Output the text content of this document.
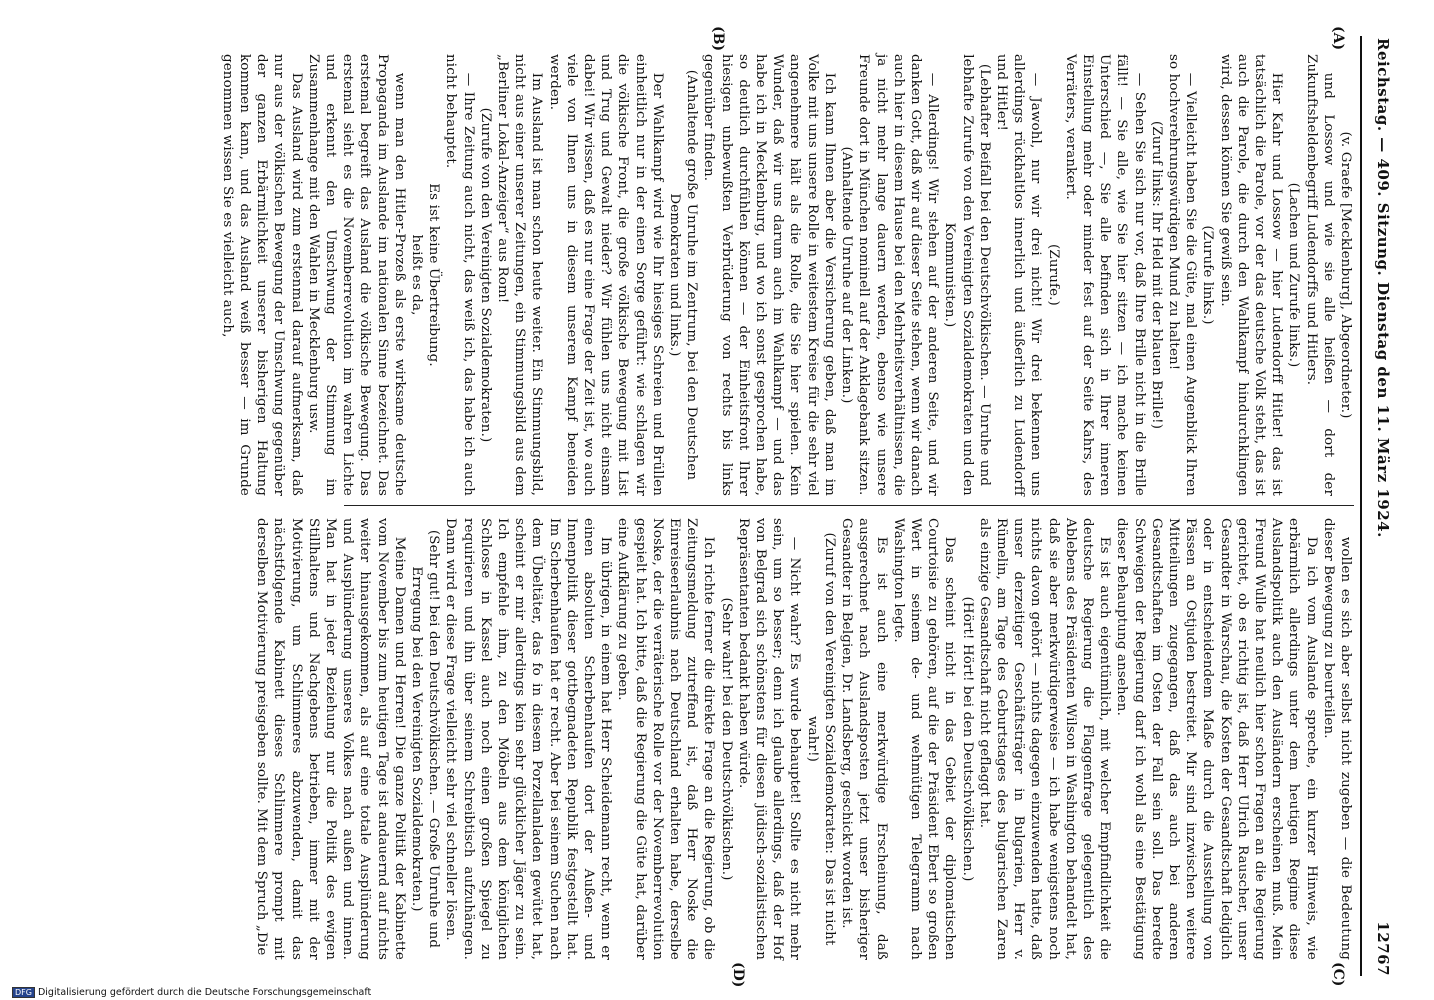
Reichstag. — 409. Sitzung. Dienstag den 11. März 1924.
12767
(A)
(B)
(C)
(D)

(v. Graefe [Mecklenburg], Abgeordneter.)

und Lossow und wie sie alle heißen — dort der Zukunftsheldenbegriff Ludendorffs und Hitlers.

(Lachen und Zurufe links.)

Hier Kahr und Lossow — hier Ludendorff Hitler! das ist tatsächlich die Parole, vor der das deutsche Volk steht, das ist auch die Parole, die durch den Wahlkampf hindurchklingen wird, dessen können Sie gewiß sein.

(Zurufe links.)

— Vielleicht haben Sie die Güte, mal einen Augenblick Ihren so hochverehrungswürdigen Mund zu halten!

(Zuruf links: Ihr Held mit der blauen Brille!)

— Sehen Sie sich nur vor, daß Ihre Brille nicht in die Brille fällt! — Sie alle, wie Sie hier sitzen — ich mache keinen Unterschied —, Sie alle befinden sich in Ihrer inneren Einstellung mehr oder minder fest auf der Seite Kahrs, des Verräters, verankert.

(Zurufe.)

— Jawohl, nur wir drei nicht! Wir drei bekennen uns allerdings rückhaltlos innerlich und äußerlich zu Ludendorff und Hitler!

(Lebhafter Beifall bei den Deutschvölkischen. — Unruhe und lebhafte Zurufe von den Vereinigten Sozialdemokraten und den Kommunisten.)

— Allerdings! Wir stehen auf der anderen Seite, und wir danken Gott, daß wir auf dieser Seite stehen, wenn wir danach auch hier in diesem Hause bei den Mehrheitsverhältnissen, die ja nicht mehr lange dauern werden, ebenso wie unsere Freunde dort in München nominell auf der Anklagebank sitzen.

(Anhaltende Unruhe auf der Linken.)

Ich kann Ihnen aber die Versicherung geben, daß man im Volke mit uns unsere Rolle in weitestem Kreise für die sehr viel angenehmere hält als die Rolle, die Sie hier spielen. Kein Wunder, daß wir uns darum auch im Wahlkampf — und das habe ich in Mecklenburg, und wo ich sonst gesprochen habe, so deutlich durchfühlen können — der Einheitsfront Ihrer hiesigen unbewußten Verbrüderung von rechts bis links gegenüber finden.

(Anhaltende große Unruhe im Zentrum, bei den Deutschen Demokraten und links.)

Der Wahlkampf wird wie Ihr hiesiges Schreien und Brüllen einheitlich nur in der einen Sorge geführt: wie schlagen wir die völkische Front, die große völkische Bewegung mit List und Trug und Gewalt nieder? Wir fühlen uns nicht einsam dabei! Wir wissen, daß es nur eine Frage der Zeit ist, wo auch viele von Ihnen uns in diesem unserem Kampf beneiden werden.

Im Ausland ist man schon heute weiter. Ein Stimmungsbild, nicht aus einer unserer Zeitungen, ein Stimmungsbild aus dem „Berliner Lokal-Anzeiger“ aus Rom!

(Zurufe von den Vereinigten Sozialdemokraten.)

— Ihre Zeitung auch nicht, das weiß ich, das habe ich auch nicht behauptet.

Es ist keine Übertreibung.

heißt es da,

wenn man den Hitler-Prozeß als erste wirksame deutsche Propaganda im Auslande im nationalen Sinne bezeichnet. Das erstemal begreift das Ausland die völkische Bewegung. Das erstemal sieht es die Novemberrevolution im wahren Lichte und erkennt den Umschwung der Stimmung im Zusammenhange mit den Wahlen in Mecklenburg usw.

Das Ausland wird zum erstenmal darauf aufmerksam, daß nur aus der völkischen Bewegung der Umschwung gegenüber der ganzen Erbärmlichkeit unserer bisherigen Haltung kommen kann, und das Ausland weiß besser — im Grunde genommen wissen Sie es vielleicht auch,

wollen es sich aber selbst nicht zugeben — die Bedeutung dieser Bewegung zu beurteilen.

Da ich vom Auslande spreche, ein kurzer Hinweis, wie erbärmlich allerdings unter dem heutigen Regime diese Auslandspolitik auch den Ausländern erscheinen muß. Mein Freund Wulle hat neulich hier schon Fragen an die Regierung gerichtet, ob es richtig ist, daß Herr Ulrich Rauscher, unser Gesandter in Warschau, die Kosten der Gesandtschaft lediglich oder in entscheidendem Maße durch die Ausstellung von Pässen an Ostjuden bestreitet. Mir sind inzwischen weitere Mitteilungen zugegangen, daß das auch bei anderen Gesandtschaften im Osten der Fall sein soll. Das beredte Schweigen der Regierung darf ich wohl als eine Bestätigung dieser Behauptung ansehen.

Es ist auch eigentümlich, mit welcher Empfindlichkeit die deutsche Regierung die Flaggenfrage gelegentlich des Ablebens des Präsidenten Wilson in Washington behandelt hat, daß sie aber merkwürdigerweise — ich habe wenigstens noch nichts davon gehört — nichts dagegen einzuwenden hatte, daß unser derzeitiger Geschäftsträger in Bulgarien, Herr v. Rümelin, am Tage des Geburtstages des bulgarischen Zaren als einzige Gesandtschaft nicht geflaggt hat.

(Hört! Hört! bei den Deutschvölkischen.)

Das scheint nicht in das Gebiet der diplomatischen Courtoisie zu gehören, auf die der Präsident Ebert so großen Wert in seinem de- und wehmütigen Telegramm nach Washington legte.

Es ist auch eine merkwürdige Erscheinung, daß ausgerechnet nach Auslandsposten jetzt unser bisheriger Gesandter in Belgien, Dr. Landsberg, geschickt worden ist.

(Zuruf von den Vereinigten Sozialdemokraten: Das ist nicht wahr!)

— Nicht wahr? Es wurde behauptet! Sollte es nicht mehr sein, um so besser; denn ich glaube allerdings, daß der Hof von Belgrad sich schönstens für diesen jüdisch-sozialistischen Repräsentanten bedankt haben würde.

(Sehr wahr! bei den Deutschvölkischen.)

Ich richte ferner die direkte Frage an die Regierung, ob die Zeitungsmeldung zutreffend ist, daß Herr Noske die Einreiseerlaubnis nach Deutschland erhalten habe, derselbe Noske, der die verräterische Rolle vor der Novemberrevolution gespielt hat. Ich bitte, daß die Regierung die Güte hat, darüber eine Aufklärung zu geben.

Im übrigen, in einem hat Herr Scheidemann recht, wenn er einen absoluten Scherbenhaufen dort der Außen- und Innenpolitik dieser gottbegnadeten Republik festgestellt hat. Im Scherbenhaufen hat er recht. Aber bei seinem Suchen nach dem Übeltäter, das fo in diesem Porzellanladen gewütet hat, scheint er mir allerdings kein sehr glücklicher Jäger zu sein. Ich empfehle ihm, zu den Möbeln aus dem königlichen Schlosse in Kassel auch noch einen großen Spiegel zu requirieren und ihn über seinem Schreibtisch aufzuhängen. Dann wird er diese Frage vielleicht sehr viel schneller lösen.

(Sehr gut! bei den Deutschvölkischen. — Große Unruhe und Erregung bei den Vereinigten Sozialdemokraten.)

Meine Damen und Herren! Die ganze Politik der Kabinette vom November bis zum heutigen Tage ist andauernd auf nichts weiter hinausgekommen, als auf eine totale Ausplünderung und Ausplünderung unseres Volkes nach außen und innen. Man hat in jeder Beziehung nur die Politik des ewigen Stillhaltens und Nachgebens betrieben, immer mit der Motivierung, um Schlimmeres abzuwenden, damit das nächstfolgende Kabinett dieses Schlimmere prompt mit derselben Motivierung preisgeben sollte. Mit dem Spruch „Die

DFG Digitalisierung gefördert durch die Deutsche Forschungsgemeinschaft
